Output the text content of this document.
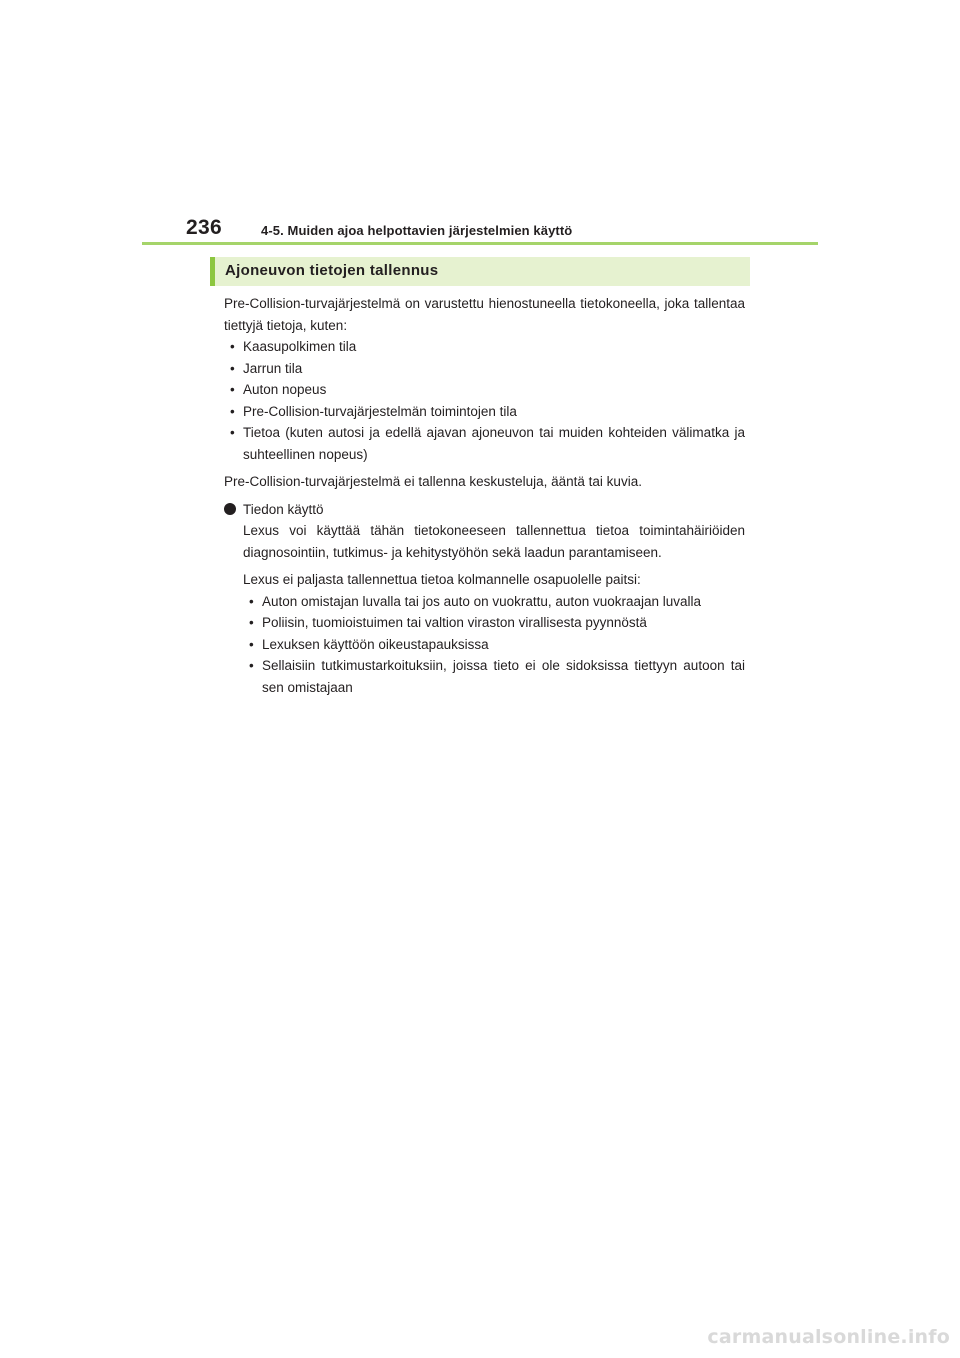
236	4-5. Muiden ajoa helpottavien järjestelmien käyttö
Ajoneuvon tietojen tallennus

Pre-Collision-turvajärjestelmä on varustettu hienostuneella tietokoneella, joka tallentaa tiettyjä tietoja, kuten:

• Kaasupolkimen tila
• Jarrun tila
• Auton nopeus
• Pre-Collision-turvajärjestelmän toimintojen tila
• Tietoa (kuten autosi ja edellä ajavan ajoneuvon tai muiden kohteiden välimatka ja suhteellinen nopeus)

Pre-Collision-turvajärjestelmä ei tallenna keskusteluja, ääntä tai kuvia.

Tiedon käyttö

Lexus voi käyttää tähän tietokoneeseen tallennettua tietoa toimintahäiriöiden diagnosointiin, tutkimus- ja kehitystyöhön sekä laadun parantamiseen.

Lexus ei paljasta tallennettua tietoa kolmannelle osapuolelle paitsi:

• Auton omistajan luvalla tai jos auto on vuokrattu, auton vuokraajan luvalla
• Poliisin, tuomioistuimen tai valtion viraston virallisesta pyynnöstä
• Lexuksen käyttöön oikeustapauksissa
• Sellaisiin tutkimustarkoituksiin, joissa tieto ei ole sidoksissa tiettyyn autoon tai sen omistajaan
carmanualsonline.info
